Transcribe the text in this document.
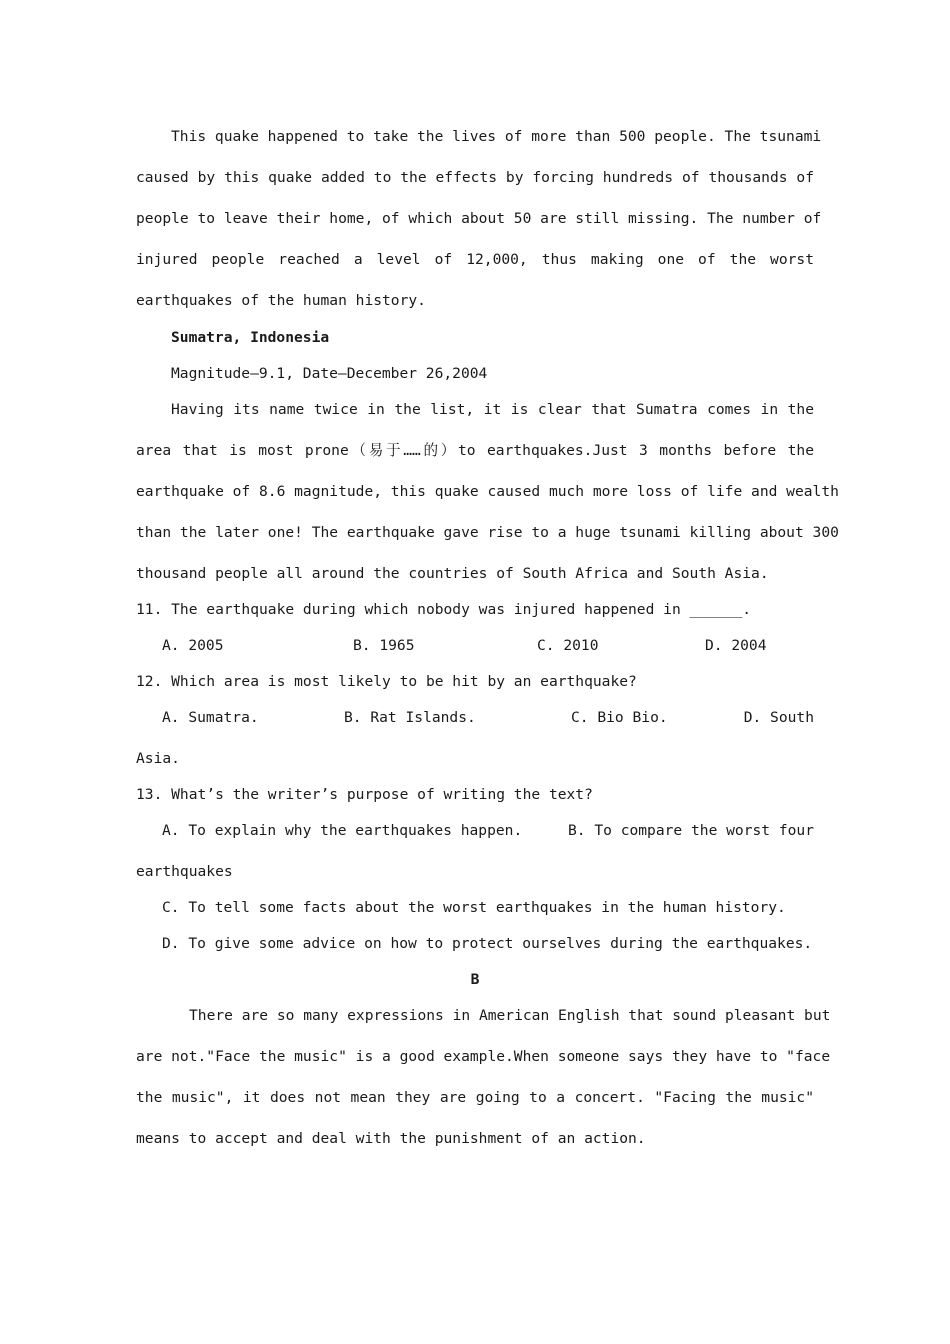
This quake happened to take the lives of more than 500 people. The tsunami
caused by this quake added to the effects by forcing hundreds of thousands of
people to leave their home, of which about 50 are still missing. The number of
injured people reached a level of 12,000, thus making one of the worst
earthquakes of the human history.
Sumatra, Indonesia
Magnitude—9.1, Date—December 26,2004
Having its name twice in the list, it is clear that Sumatra comes in the
area that is most prone（易于……的）to earthquakes.Just 3 months before the
earthquake of 8.6 magnitude, this quake caused much more loss of life and wealth
than the later one! The earthquake gave rise to a huge tsunami killing about 300
thousand people all around the countries of South Africa and South Asia.
11. The earthquake during which nobody was injured happened in ______.
A. 2005	B. 1965	C. 2010	D. 2004
12. Which area is most likely to be hit by an earthquake?
A. Sumatra.	B. Rat Islands.	C. Bio Bio.	D. South
Asia.
13. What’s the writer’s purpose of writing the text?
A. To explain why the earthquakes happen.	B. To compare the worst four
earthquakes
C. To tell some facts about the worst earthquakes in the human history.
D. To give some advice on how to protect ourselves during the earthquakes.
B
There are so many expressions in American English that sound pleasant but
are not."Face the music" is a good example.When someone says they have to "face
the music", it does not mean they are going to a concert. "Facing the music"
means to accept and deal with the punishment of an action.
